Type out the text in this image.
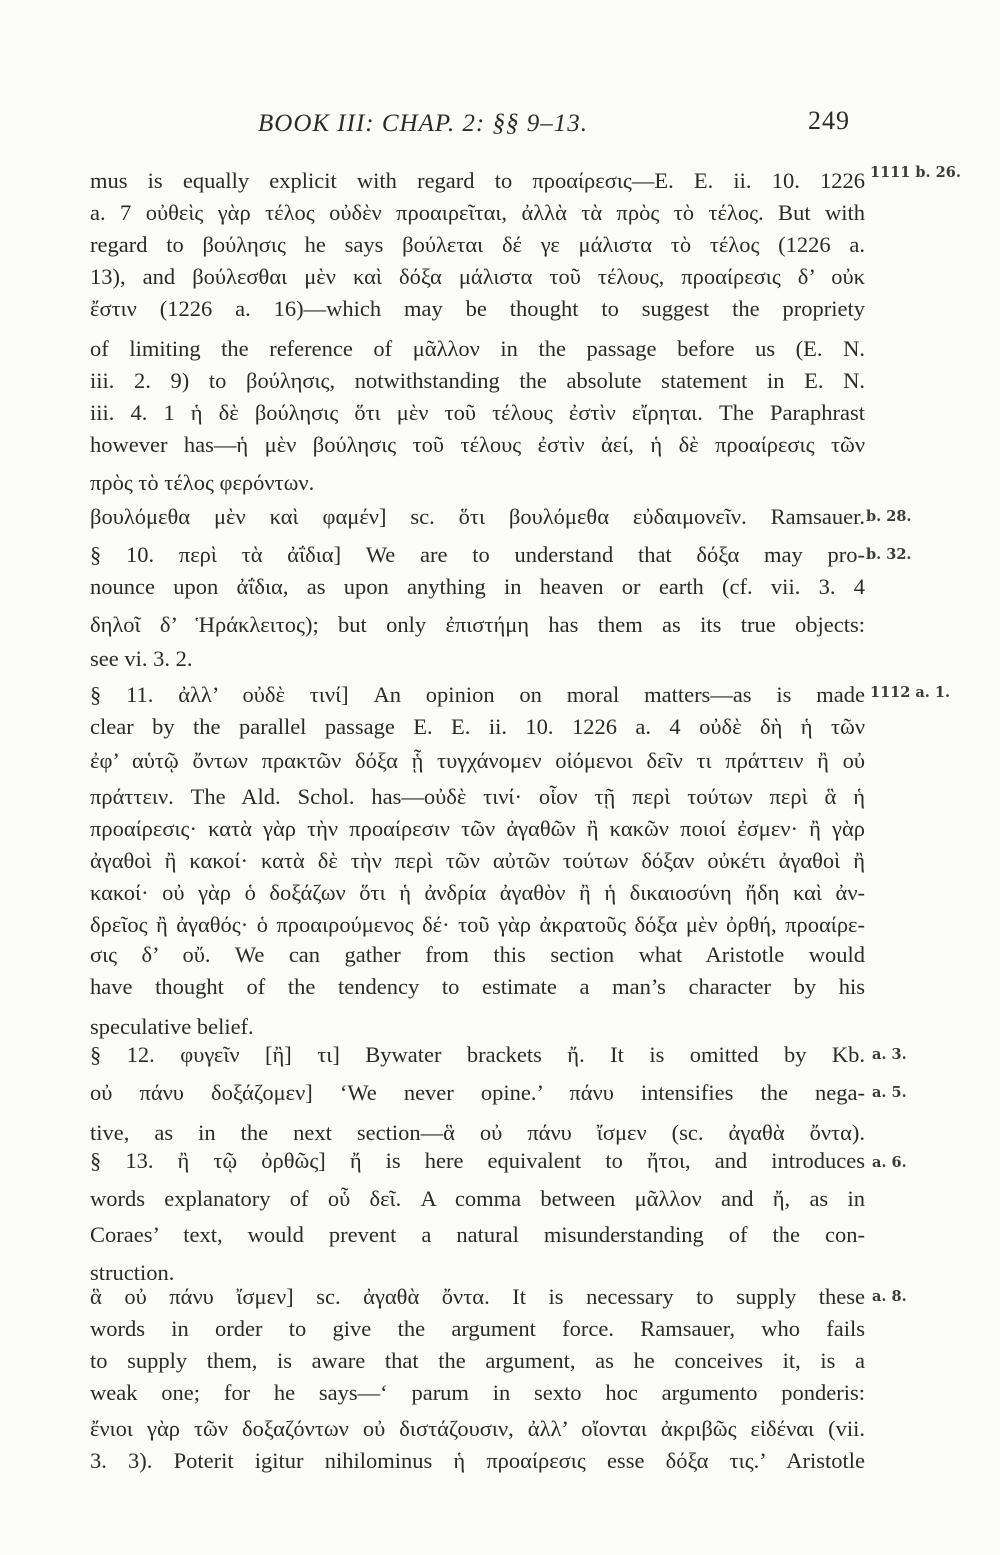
BOOK III: CHAP. 2: §§ 9–13.	249
mus is equally explicit with regard to προαίρεσις—E. E. ii. 10. 1226
a. 7 οὐθεὶς γὰρ τέλος οὐδὲν προαιρεῖται, ἀλλὰ τὰ πρὸς τὸ τέλος. But with
regard to βούλησις he says βούλεται δέ γε μάλιστα τὸ τέλος (1226 a.
13), and βούλεσθαι μὲν καὶ δόξα μάλιστα τοῦ τέλους, προαίρεσις δ’ οὐκ
ἔστιν (1226 a. 16)—which may be thought to suggest the propriety
of limiting the reference of μᾶλλον in the passage before us (E. N.
iii. 2. 9) to βούλησις, notwithstanding the absolute statement in E. N.
iii. 4. 1 ἡ δὲ βούλησις ὅτι μὲν τοῦ τέλους ἐστὶν εἴρηται. The Paraphrast
however has—ἡ μὲν βούλησις τοῦ τέλους ἐστὶν ἀεί, ἡ δὲ προαίρεσις τῶν
πρὸς τὸ τέλος φερόντων.
βουλόμεθα μὲν καὶ φαμέν] sc. ὅτι βουλόμεθα εὐδαιμονεῖν. Ramsauer.
§ 10. περὶ τὰ ἀΐδια] We are to understand that δόξα may pro-
nounce upon ἀΐδια, as upon anything in heaven or earth (cf. vii. 3. 4
δηλοῖ δ’ Ἡράκλειτος); but only ἐπιστήμη has them as its true objects:
see vi. 3. 2.
§ 11. ἀλλ’ οὐδὲ τινί] An opinion on moral matters—as is made
clear by the parallel passage E. E. ii. 10. 1226 a. 4 οὐδὲ δὴ ἡ τῶν
ἐφ’ αὑτῷ ὄντων πρακτῶν δόξα ᾗ τυγχάνομεν οἰόμενοι δεῖν τι πράττειν ἢ οὐ
πράττειν. The Ald. Schol. has—οὐδὲ τινί· οἷον τῇ περὶ τούτων περὶ ἃ ἡ
προαίρεσις· κατὰ γὰρ τὴν προαίρεσιν τῶν ἀγαθῶν ἢ κακῶν ποιοί ἐσμεν· ἢ γὰρ
ἀγαθοὶ ἢ κακοί· κατὰ δὲ τὴν περὶ τῶν αὐτῶν τούτων δόξαν οὐκέτι ἀγαθοὶ ἢ
κακοί· οὐ γὰρ ὁ δοξάζων ὅτι ἡ ἀνδρία ἀγαθὸν ἢ ἡ δικαιοσύνη ἤδη καὶ ἀν-
δρεῖος ἢ ἀγαθός· ὁ προαιρούμενος δέ· τοῦ γὰρ ἀκρατοῦς δόξα μὲν ὀρθή, προαίρε-
σις δ’ οὔ. We can gather from this section what Aristotle would
have thought of the tendency to estimate a man’s character by his
speculative belief.
§ 12. φυγεῖν [ἢ] τι] Bywater brackets ἤ. It is omitted by Kb.
οὐ πάνυ δοξάζομεν] ‘We never opine.’ πάνυ intensifies the nega-
tive, as in the next section—ἃ οὐ πάνυ ἴσμεν (sc. ἀγαθὰ ὄντα).
§ 13. ἢ τῷ ὀρθῶς] ἤ is here equivalent to ἤτοι, and introduces
words explanatory of οὗ δεῖ. A comma between μᾶλλον and ἤ, as in
Coraes’ text, would prevent a natural misunderstanding of the con-
struction.
ἃ οὐ πάνυ ἴσμεν] sc. ἀγαθὰ ὄντα. It is necessary to supply these
words in order to give the argument force. Ramsauer, who fails
to supply them, is aware that the argument, as he conceives it, is a
weak one; for he says—‘ parum in sexto hoc argumento ponderis:
ἔνιοι γὰρ τῶν δοξαζόντων οὐ διστάζουσιν, ἀλλ’ οἴονται ἀκριβῶς εἰδέναι (vii.
3. 3). Poterit igitur nihilominus ἡ προαίρεσις esse δόξα τις.’ Aristotle
1111 b. 26.
b. 28.
b. 32.
1112 a. 1.
a. 3.
a. 5.
a. 6.
a. 8.
